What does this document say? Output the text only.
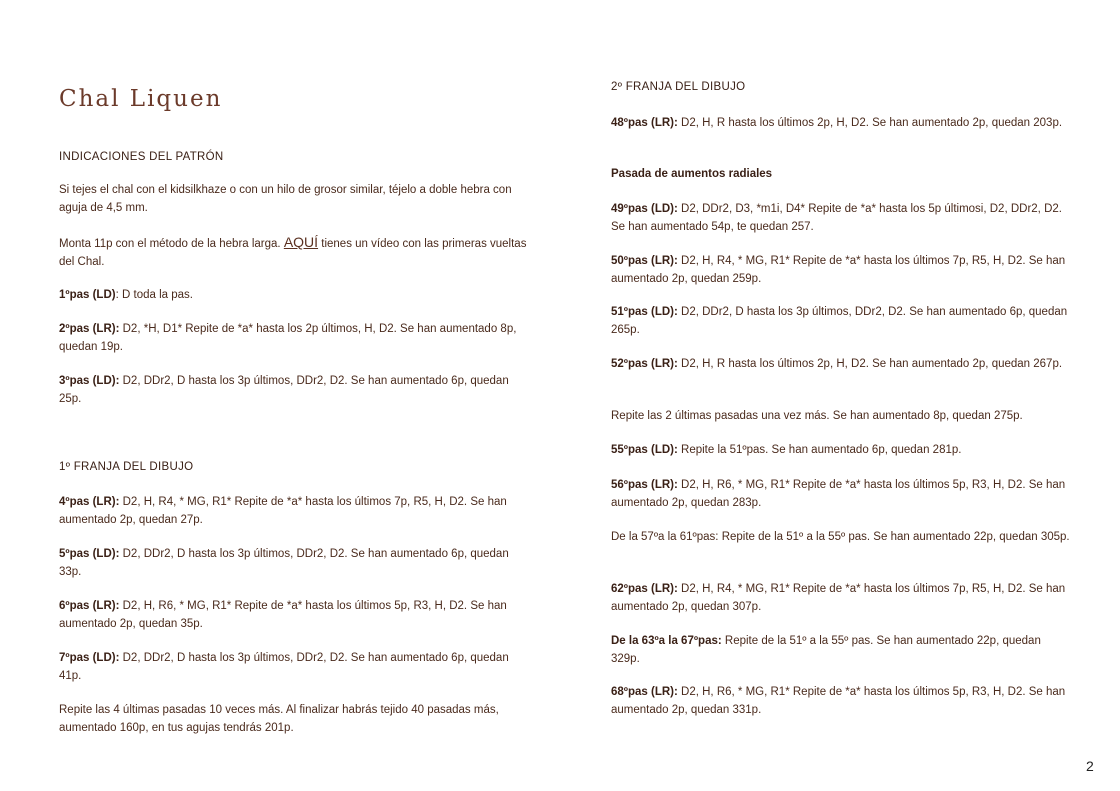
Chal Liquen
INDICACIONES DEL PATRÓN

Si tejes el chal con el kidsilkhaze o con un hilo de grosor similar, téjelo a doble hebra con aguja de 4,5 mm.

Monta 11p con el método de la hebra larga. AQUÍ tienes un vídeo con las primeras vueltas del Chal.

1ºpas (LD): D toda la pas.

2ºpas (LR): D2, *H, D1* Repite de *a* hasta los 2p últimos, H, D2. Se han aumentado 8p, quedan 19p.

3ºpas (LD): D2, DDr2, D hasta los 3p últimos, DDr2, D2. Se han aumentado 6p, quedan 25p.

1º FRANJA DEL DIBUJO

4ºpas (LR): D2, H, R4, * MG, R1* Repite de *a* hasta los últimos 7p, R5, H, D2. Se han aumentado 2p, quedan 27p.

5ºpas (LD): D2, DDr2, D hasta los 3p últimos, DDr2, D2. Se han aumentado 6p, quedan 33p.

6ºpas (LR): D2, H, R6, * MG, R1* Repite de *a* hasta los últimos 5p, R3, H, D2. Se han aumentado 2p, quedan 35p.

7ºpas (LD): D2, DDr2, D hasta los 3p últimos, DDr2, D2. Se han aumentado 6p, quedan 41p.

Repite las 4 últimas pasadas 10 veces más. Al finalizar habrás tejido 40 pasadas más, aumentado 160p, en tus agujas tendrás 201p.

2º FRANJA DEL DIBUJO

48ºpas (LR): D2, H, R hasta los últimos 2p, H, D2. Se han aumentado 2p, quedan 203p.

Pasada de aumentos radiales

49ºpas (LD): D2, DDr2, D3, *m1i, D4* Repite de *a* hasta los 5p últimosi, D2, DDr2, D2. Se han aumentado 54p, te quedan 257.

50ºpas (LR): D2, H, R4, * MG, R1* Repite de *a* hasta los últimos 7p, R5, H, D2. Se han aumentado 2p, quedan 259p.

51ºpas (LD): D2, DDr2, D hasta los 3p últimos, DDr2, D2. Se han aumentado 6p, quedan 265p.

52ºpas (LR): D2, H, R hasta los últimos 2p, H, D2. Se han aumentado 2p, quedan 267p.

Repite las 2 últimas pasadas una vez más. Se han aumentado 8p, quedan 275p.

55ºpas (LD): Repite la 51ºpas. Se han aumentado 6p, quedan 281p.

56ºpas (LR): D2, H, R6, * MG, R1* Repite de *a* hasta los últimos 5p, R3, H, D2. Se han aumentado 2p, quedan 283p.

De la 57ºa la 61ºpas: Repite de la 51º a la 55º pas. Se han aumentado 22p, quedan 305p.

62ºpas (LR): D2, H, R4, * MG, R1* Repite de *a* hasta los últimos 7p, R5, H, D2. Se han aumentado 2p, quedan 307p.

De la 63ºa la 67ºpas: Repite de la 51º a la 55º pas. Se han aumentado 22p, quedan 329p.

68ºpas (LR): D2, H, R6, * MG, R1* Repite de *a* hasta los últimos 5p, R3, H, D2. Se han aumentado 2p, quedan 331p.

2
